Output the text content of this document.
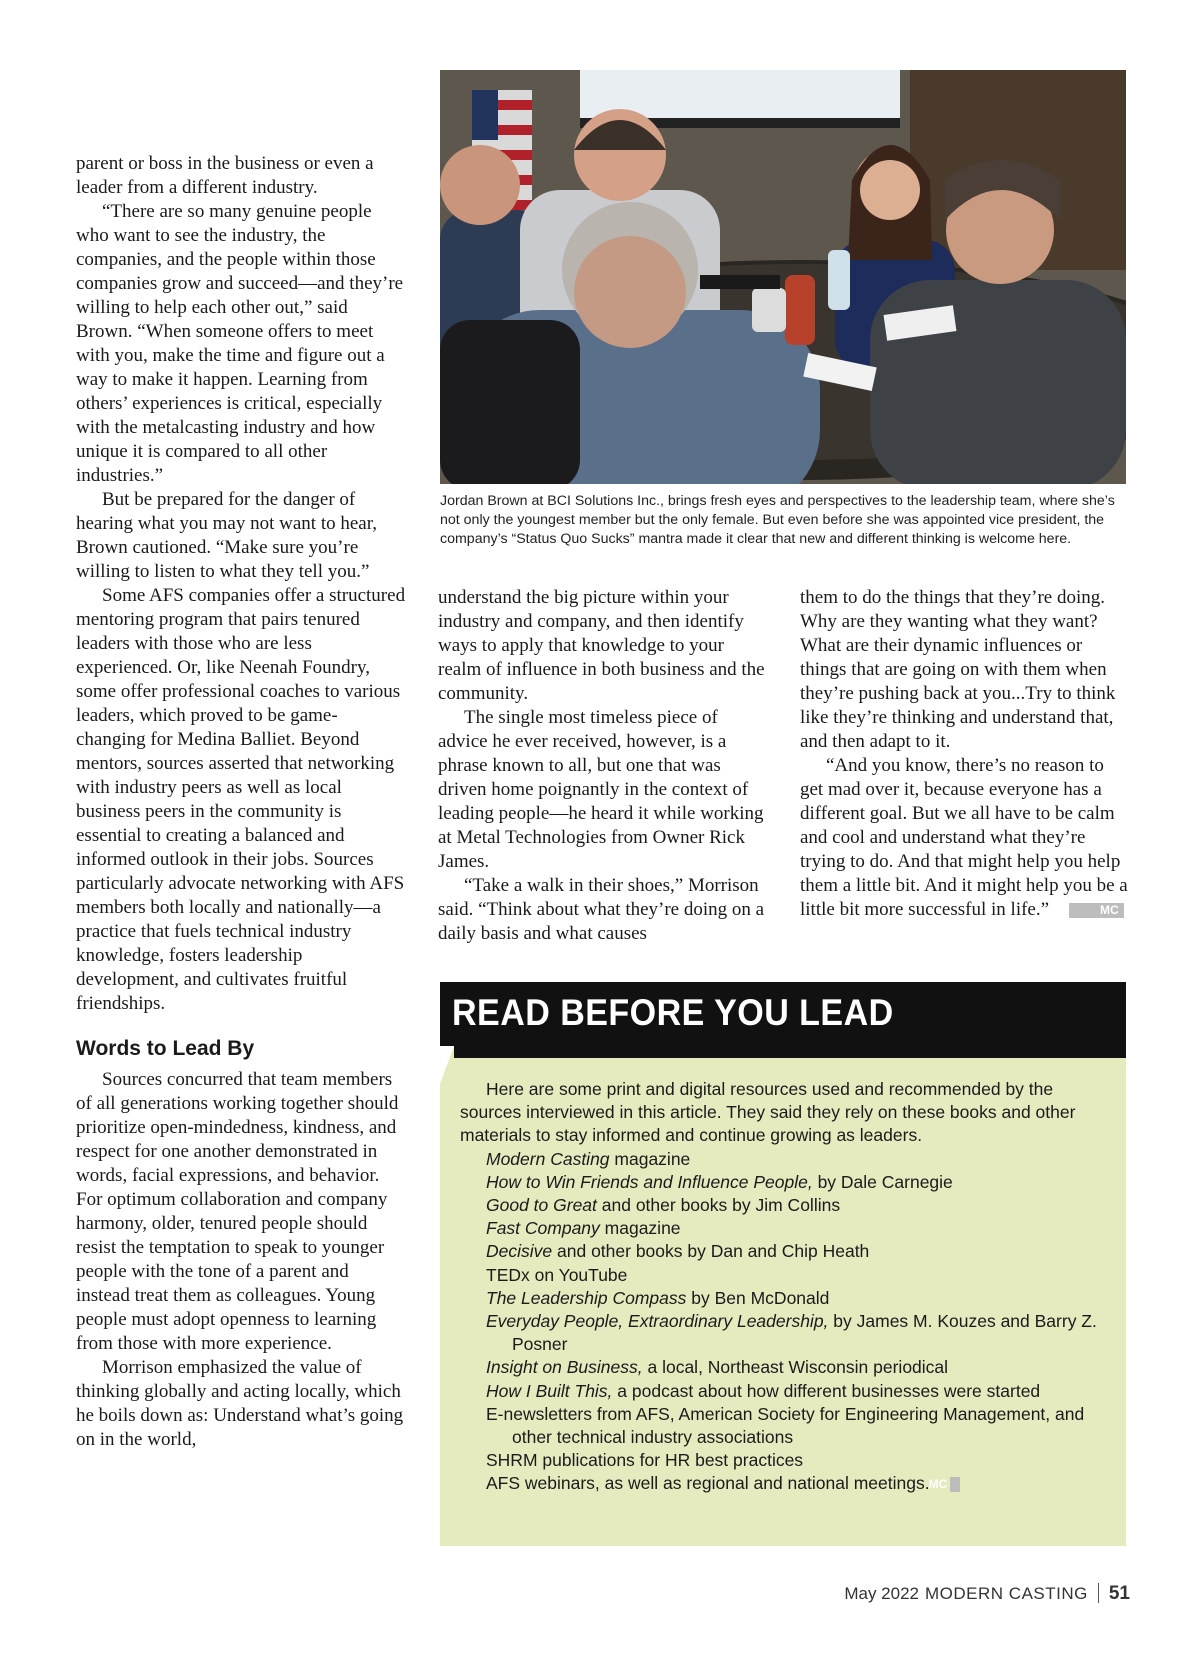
parent or boss in the business or even a leader from a different industry.

“There are so many genuine people who want to see the industry, the companies, and the people within those companies grow and succeed—and they’re willing to help each other out,” said Brown. “When someone offers to meet with you, make the time and figure out a way to make it happen. Learning from others’ experiences is critical, especially with the metalcasting industry and how unique it is compared to all other industries.”

But be prepared for the danger of hearing what you may not want to hear, Brown cautioned. “Make sure you’re willing to listen to what they tell you.”

Some AFS companies offer a structured mentoring program that pairs tenured leaders with those who are less experienced. Or, like Neenah Foundry, some offer professional coaches to various leaders, which proved to be game-changing for Medina Balliet. Beyond mentors, sources asserted that networking with industry peers as well as local business peers in the community is essential to creating a balanced and informed outlook in their jobs. Sources particularly advocate networking with AFS members both locally and nationally—a practice that fuels technical industry knowledge, fosters leadership development, and cultivates fruitful friendships.

Words to Lead By

Sources concurred that team members of all generations working together should prioritize open-mindedness, kindness, and respect for one another demonstrated in words, facial expressions, and behavior. For optimum collaboration and company harmony, older, tenured people should resist the temptation to speak to younger people with the tone of a parent and instead treat them as colleagues. Young people must adopt openness to learning from those with more experience.

Morrison emphasized the value of thinking globally and acting locally, which he boils down as: Understand what’s going on in the world,

Jordan Brown at BCI Solutions Inc., brings fresh eyes and perspectives to the leadership team, where she’s not only the youngest member but the only female. But even before she was appointed vice president, the company’s “Status Quo Sucks” mantra made it clear that new and different thinking is welcome here.

understand the big picture within your industry and company, and then identify ways to apply that knowledge to your realm of influence in both business and the community.

The single most timeless piece of advice he ever received, however, is a phrase known to all, but one that was driven home poignantly in the context of leading people—he heard it while working at Metal Technologies from Owner Rick James.

“Take a walk in their shoes,” Morrison said. “Think about what they’re doing on a daily basis and what causes

them to do the things that they’re doing. Why are they wanting what they want? What are their dynamic influences or things that are going on with them when they’re pushing back at you...Try to think like they’re thinking and understand that, and then adapt to it.

“And you know, there’s no reason to get mad over it, because everyone has a different goal. But we all have to be calm and cool and understand what they’re trying to do. And that might help you help them a little bit. And it might help you be a little bit more successful in life.”	MC

READ BEFORE YOU LEAD

Here are some print and digital resources used and recommended by the sources interviewed in this article. They said they rely on these books and other materials to stay informed and continue growing as leaders.

Modern Casting magazine
How to Win Friends and Influence People, by Dale Carnegie
Good to Great and other books by Jim Collins
Fast Company magazine
Decisive and other books by Dan and Chip Heath
TEDx on YouTube
The Leadership Compass by Ben McDonald
Everyday People, Extraordinary Leadership, by James M. Kouzes and Barry Z. Posner
Insight on Business, a local, Northeast Wisconsin periodical
How I Built This, a podcast about how different businesses were started
E-newsletters from AFS, American Society for Engineering Management, and other technical industry associations
SHRM publications for HR best practices
AFS webinars, as well as regional and national meetings.MC
May 2022 MODERN CASTING 51
